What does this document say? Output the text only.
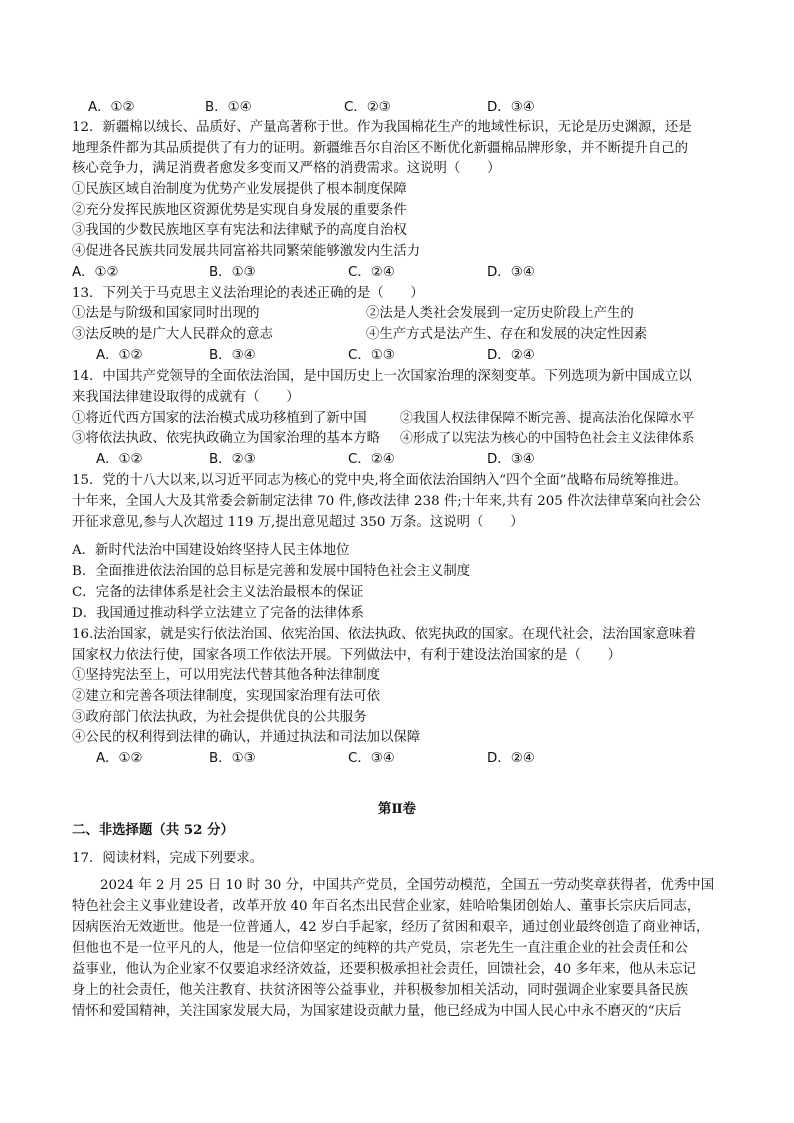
A．①②	B．①④	C．②③	D．③④
12．新疆棉以绒长、品质好、产量高著称于世。作为我国棉花生产的地域性标识，无论是历史渊源，还是
地理条件都为其品质提供了有力的证明。新疆维吾尔自治区不断优化新疆棉品牌形象，并不断提升自己的
核心竞争力，满足消费者愈发多变而又严格的消费需求。这说明（　　）
①民族区域自治制度为优势产业发展提供了根本制度保障
②充分发挥民族地区资源优势是实现自身发展的重要条件
③我国的少数民族地区享有宪法和法律赋予的高度自治权
④促进各民族共同发展共同富裕共同繁荣能够激发内生活力
A．①②	B．①③	C．②④	D．③④
13．下列关于马克思主义法治理论的表述正确的是（　　）
①法是与阶级和国家同时出现的	②法是人类社会发展到一定历史阶段上产生的
③法反映的是广大人民群众的意志	④生产方式是法产生、存在和发展的决定性因素
A．①②	B．③④	C．①③	D．②④
14．中国共产党领导的全面依法治国，是中国历史上一次国家治理的深刻变革。下列选项为新中国成立以
来我国法律建设取得的成就有（　　）
①将近代西方国家的法治模式成功移植到了新中国	②我国人权法律保障不断完善、提高法治化保障水平
③将依法执政、依宪执政确立为国家治理的基本方略 ④形成了以宪法为核心的中国特色社会主义法律体系
A．①②	B．②③	C．②④	D．③④
15．党的十八大以来,以习近平同志为核心的党中央,将全面依法治国纳入“四个全面”战略布局统筹推进。
十年来，全国人大及其常委会新制定法律 70 件,修改法律 238 件;十年来,共有 205 件次法律草案向社会公
开征求意见,参与人次超过 119 万,提出意见超过 350 万条。这说明（　　）
A．新时代法治中国建设始终坚持人民主体地位
B．全面推进依法治国的总目标是完善和发展中国特色社会主义制度
C．完备的法律体系是社会主义法治最根本的保证
D．我国通过推动科学立法建立了完备的法律体系
16.法治国家，就是实行依法治国、依宪治国、依法执政、依宪执政的国家。在现代社会，法治国家意味着
国家权力依法行使，国家各项工作依法开展。下列做法中，有利于建设法治国家的是（　　）
①坚持宪法至上，可以用宪法代替其他各种法律制度
②建立和完善各项法律制度，实现国家治理有法可依
③政府部门依法执政，为社会提供优良的公共服务
④公民的权利得到法律的确认，并通过执法和司法加以保障
A．①②	B．①③	C．③④	D．②④
第Ⅱ卷
二、非选择题（共 52 分）
17．阅读材料，完成下列要求。
2024 年 2 月 25 日 10 时 30 分，中国共产党员，全国劳动模范，全国五一劳动奖章获得者，优秀中国
特色社会主义事业建设者，改革开放 40 年百名杰出民营企业家，娃哈哈集团创始人、董事长宗庆后同志，
因病医治无效逝世。他是一位普通人，42 岁白手起家，经历了贫困和艰辛，通过创业最终创造了商业神话，
但他也不是一位平凡的人，他是一位信仰坚定的纯粹的共产党员，宗老先生一直注重企业的社会责任和公
益事业，他认为企业家不仅要追求经济效益，还要积极承担社会责任，回馈社会，40 多年来，他从未忘记
身上的社会责任，他关注教育、扶贫济困等公益事业，并积极参加相关活动，同时强调企业家要具备民族
情怀和爱国精神，关注国家发展大局，为国家建设贡献力量，他已经成为中国人民心中永不磨灭的“庆后
